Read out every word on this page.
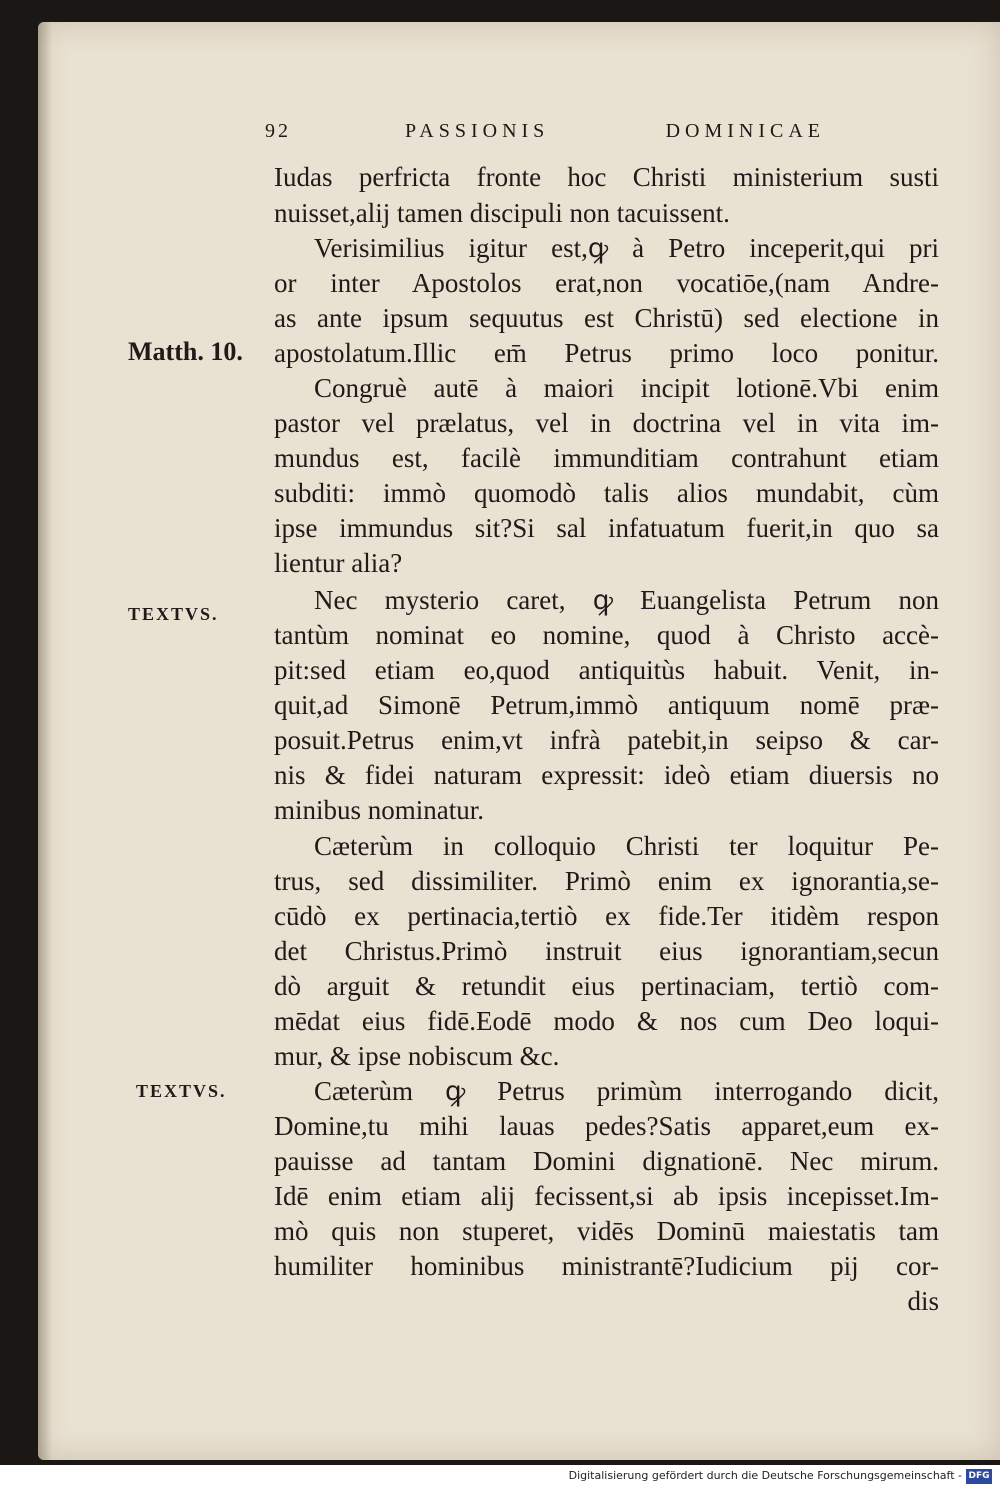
92	PASSIONIS	DOMINICAE
Matth. 10.
TEXTVS.
TEXTVS.
Iudas perfricta fronte hoc Christi ministerium susti
nuisset,alij tamen discipuli non tacuissent.
Verisimilius igitur est,ꝙ à Petro inceperit,qui pri
or inter Apostolos erat,non vocatiōe,(nam Andre-
as ante ipsum sequutus est Christū) sed electione in
apostolatum.Illic em̄ Petrus primo loco ponitur.
Congruè autē à maiori incipit lotionē.Vbi enim
pastor vel prælatus, vel in doctrina vel in vita im-
mundus est, facilè immunditiam contrahunt etiam
subditi: immò quomodò talis alios mundabit, cùm
ipse immundus sit?Si sal infatuatum fuerit,in quo sa
lientur alia?
Nec mysterio caret, ꝙ Euangelista Petrum non
tantùm nominat eo nomine, quod à Christo accè-
pit:sed etiam eo,quod antiquitùs habuit. Venit, in-
quit,ad Simonē Petrum,immò antiquum nomē præ-
posuit.Petrus enim,vt infrà patebit,in seipso & car-
nis & fidei naturam expressit: ideò etiam diuersis no
minibus nominatur.
Cæterùm in colloquio Christi ter loquitur Pe-
trus, sed dissimiliter. Primò enim ex ignorantia,se-
cūdò ex pertinacia,tertiò ex fide.Ter itidèm respon
det Christus.Primò instruit eius ignorantiam,secun
dò arguit & retundit eius pertinaciam, tertiò com-
mēdat eius fidē.Eodē modo & nos cum Deo loqui-
mur, & ipse nobiscum &c.
Cæterùm ꝙ Petrus primùm interrogando dicit,
Domine,tu mihi lauas pedes?Satis apparet,eum ex-
pauisse ad tantam Domini dignationē. Nec mirum.
Idē enim etiam alij fecissent,si ab ipsis incepisset.Im-
mò quis non stuperet, vidēs Dominū maiestatis tam
humiliter hominibus ministrantē?Iudicium pij cor-
dis
Digitalisierung gefördert durch die Deutsche Forschungsgemeinschaft - DFG
